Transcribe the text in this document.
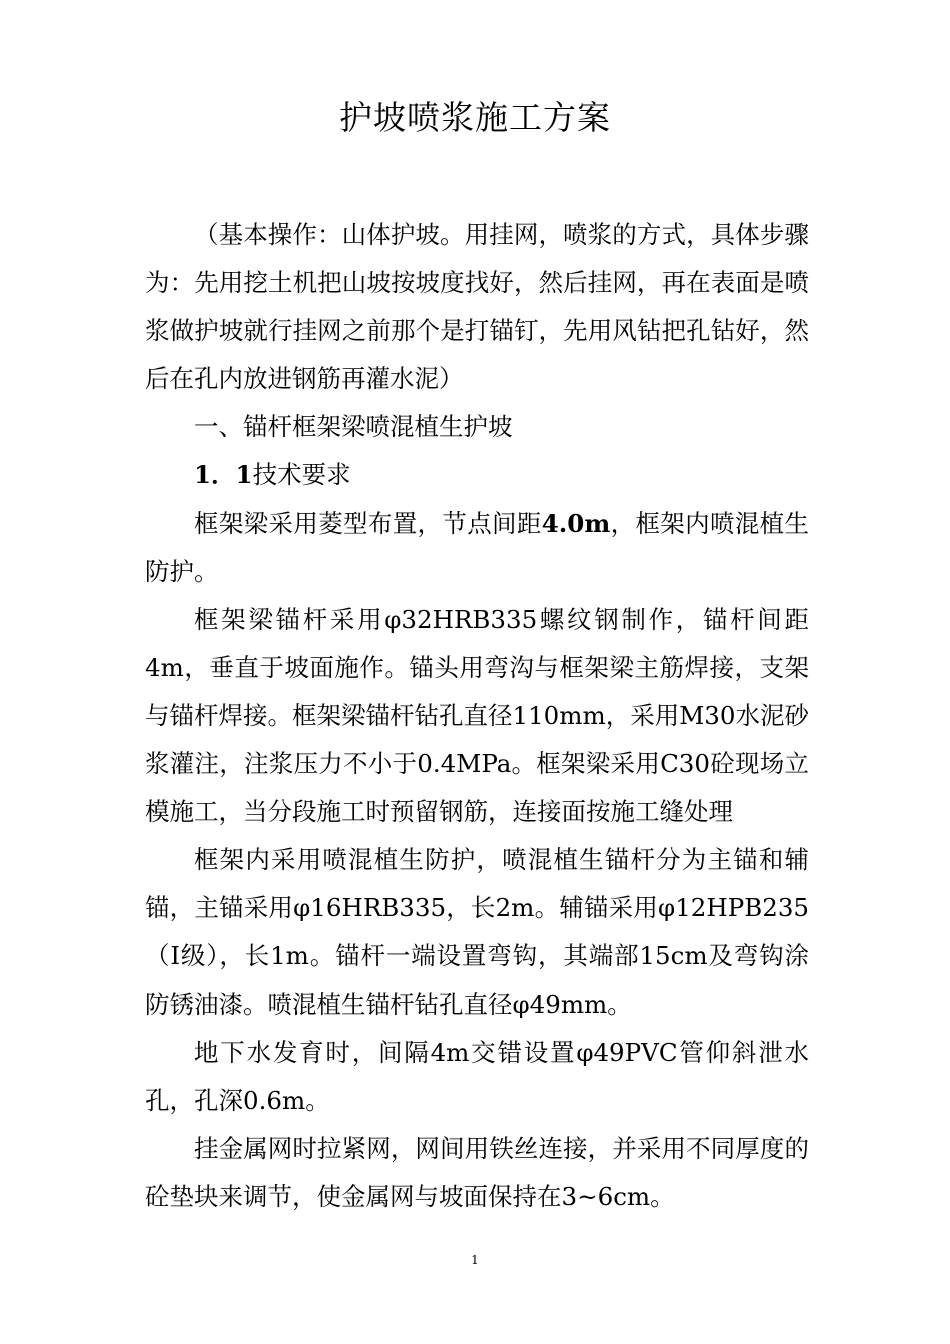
护坡喷浆施工方案

（基本操作：山体护坡。用挂网，喷浆的方式，具体步骤为：先用挖土机把山坡按坡度找好，然后挂网，再在表面是喷浆做护坡就行挂网之前那个是打锚钉，先用风钻把孔钻好，然后在孔内放进钢筋再灌水泥）

一、锚杆框架梁喷混植生护坡

1．1技术要求

框架梁采用菱型布置，节点间距4.0m，框架内喷混植生防护。

框架梁锚杆采用φ32HRB335螺纹钢制作，锚杆间距4m，垂直于坡面施作。锚头用弯沟与框架梁主筋焊接，支架与锚杆焊接。框架梁锚杆钻孔直径110mm，采用M30水泥砂浆灌注，注浆压力不小于0.4MPa。框架梁采用C30砼现场立模施工，当分段施工时预留钢筋，连接面按施工缝处理

框架内采用喷混植生防护，喷混植生锚杆分为主锚和辅锚，主锚采用φ16HRB335，长2m。辅锚采用φ12HPB235（I级），长1m。锚杆一端设置弯钩，其端部15cm及弯钩涂防锈油漆。喷混植生锚杆钻孔直径φ49mm。

地下水发育时，间隔4m交错设置φ49PVC管仰斜泄水孔，孔深0.6m。

挂金属网时拉紧网，网间用铁丝连接，并采用不同厚度的砼垫块来调节，使金属网与坡面保持在3~6cm。

1
